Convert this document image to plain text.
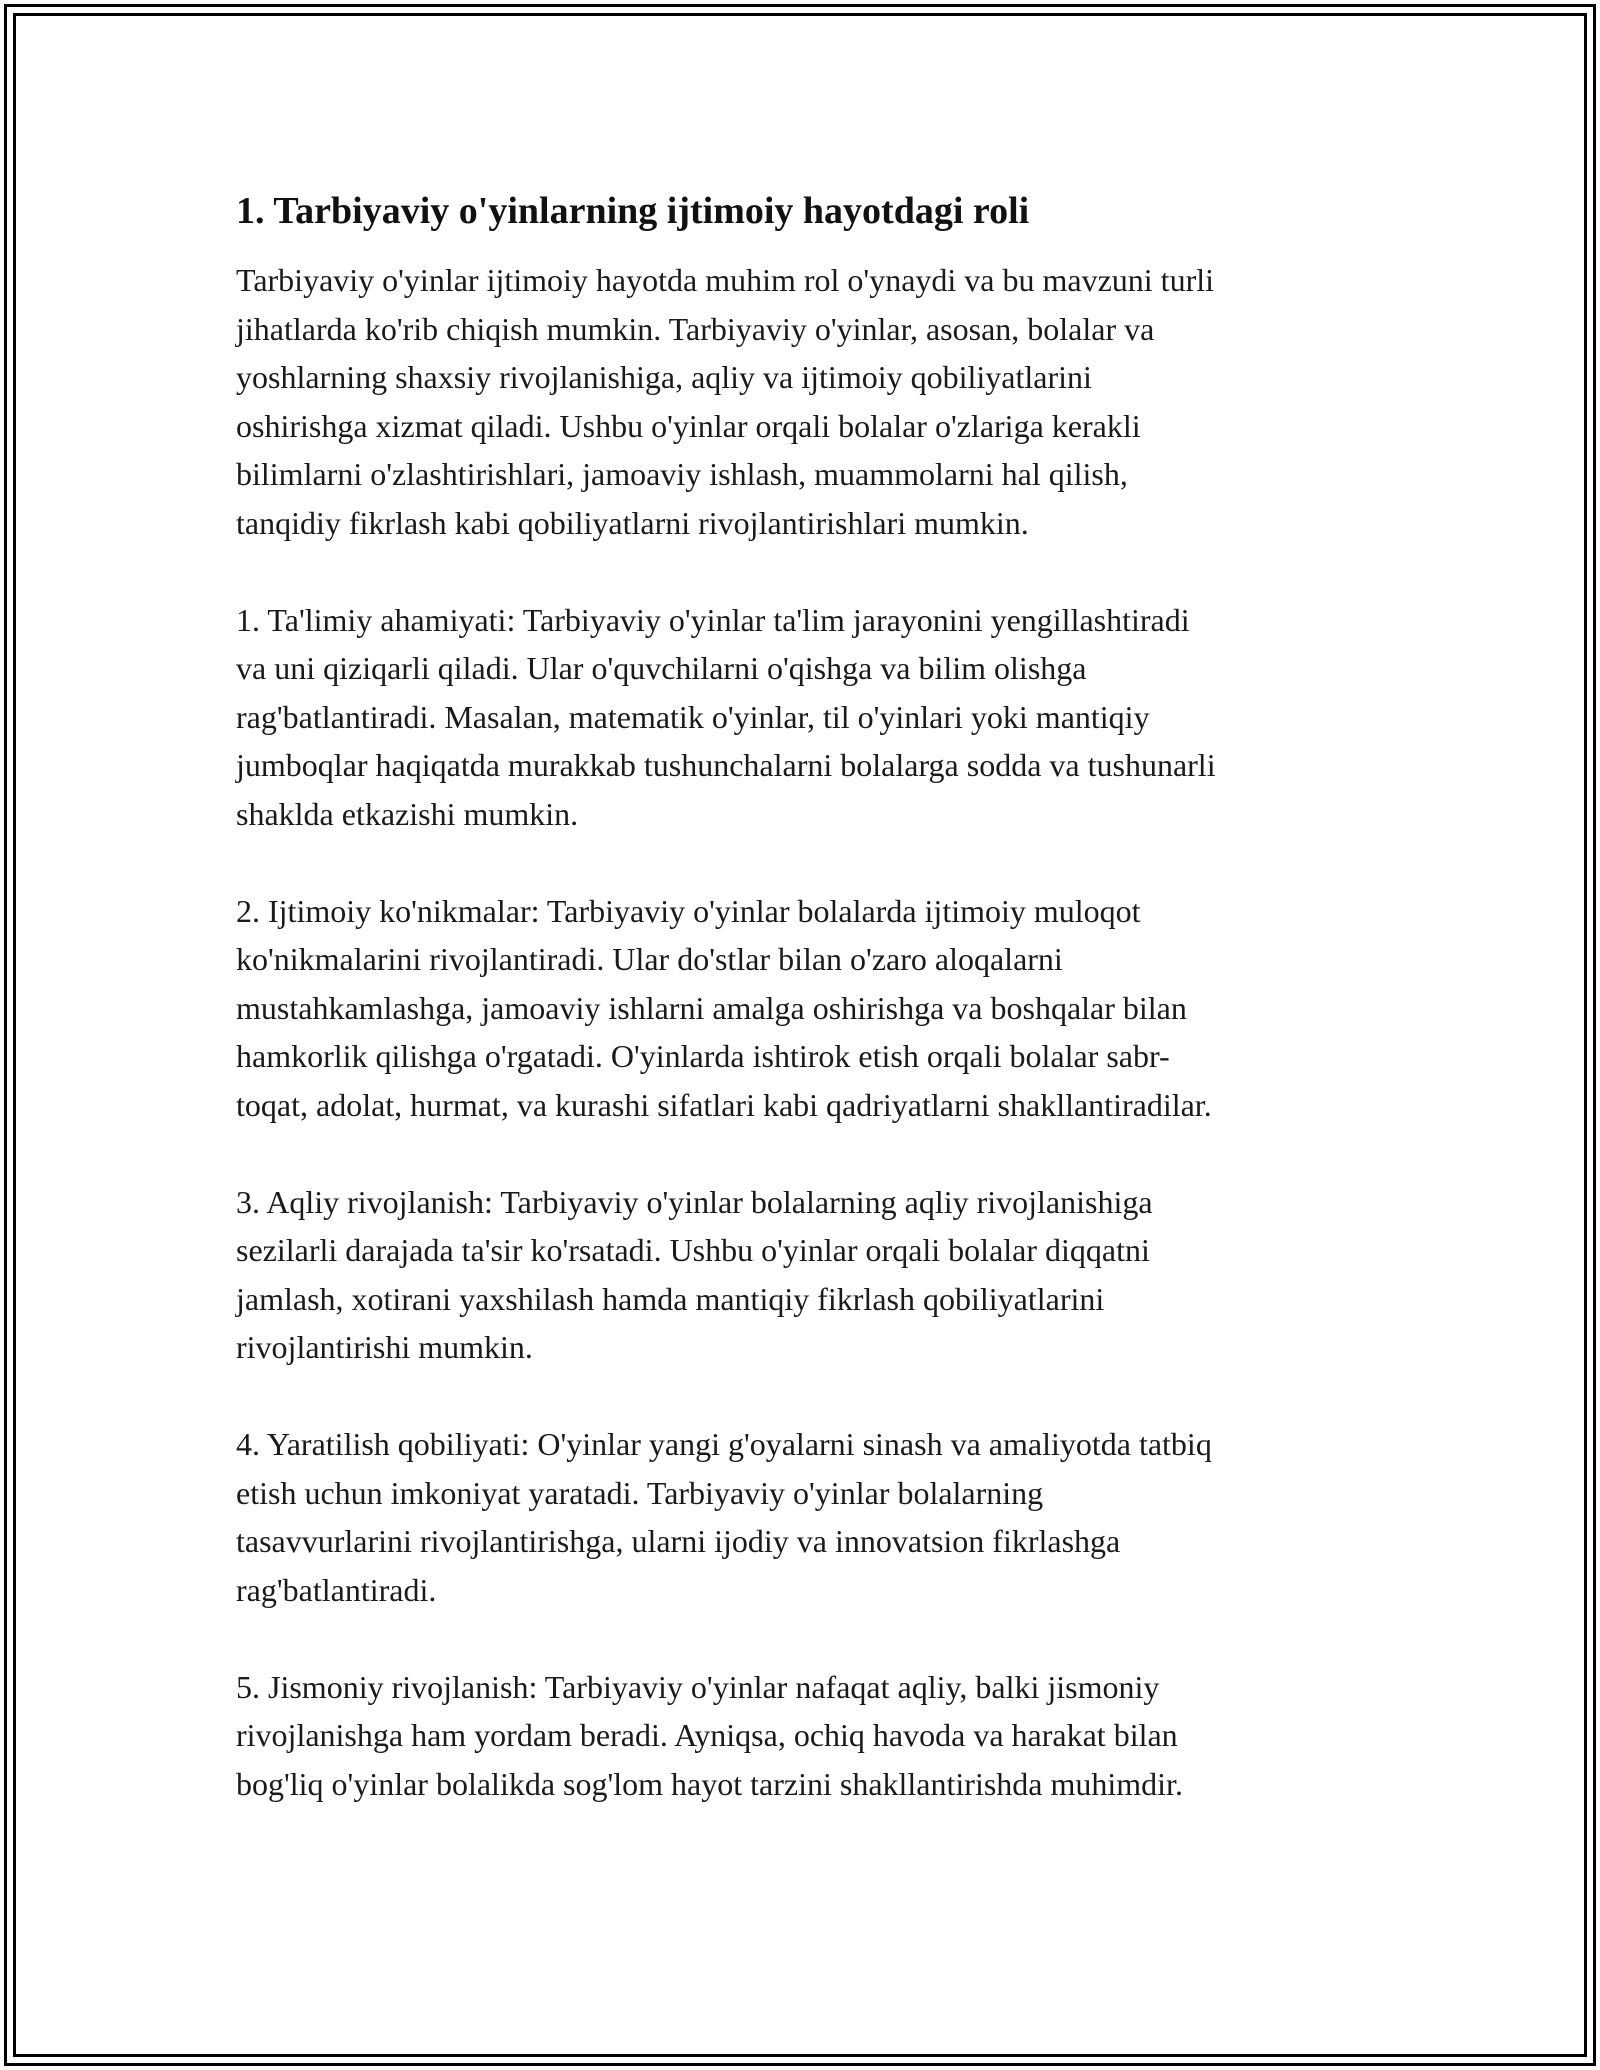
1. Tarbiyaviy o'yinlarning ijtimoiy hayotdagi roli

Tarbiyaviy o'yinlar ijtimoiy hayotda muhim rol o'ynaydi va bu mavzuni turli
jihatlarda ko'rib chiqish mumkin. Tarbiyaviy o'yinlar, asosan, bolalar va
yoshlarning shaxsiy rivojlanishiga, aqliy va ijtimoiy qobiliyatlarini
oshirishga xizmat qiladi. Ushbu o'yinlar orqali bolalar o'zlariga kerakli
bilimlarni o'zlashtirishlari, jamoaviy ishlash, muammolarni hal qilish,
tanqidiy fikrlash kabi qobiliyatlarni rivojlantirishlari mumkin.

1. Ta'limiy ahamiyati: Tarbiyaviy o'yinlar ta'lim jarayonini yengillashtiradi
va uni qiziqarli qiladi. Ular o'quvchilarni o'qishga va bilim olishga
rag'batlantiradi. Masalan, matematik o'yinlar, til o'yinlari yoki mantiqiy
jumboqlar haqiqatda murakkab tushunchalarni bolalarga sodda va tushunarli
shaklda etkazishi mumkin.

2. Ijtimoiy ko'nikmalar: Tarbiyaviy o'yinlar bolalarda ijtimoiy muloqot
ko'nikmalarini rivojlantiradi. Ular do'stlar bilan o'zaro aloqalarni
mustahkamlashga, jamoaviy ishlarni amalga oshirishga va boshqalar bilan
hamkorlik qilishga o'rgatadi. O'yinlarda ishtirok etish orqali bolalar sabr-
toqat, adolat, hurmat, va kurashi sifatlari kabi qadriyatlarni shakllantiradilar.

3. Aqliy rivojlanish: Tarbiyaviy o'yinlar bolalarning aqliy rivojlanishiga
sezilarli darajada ta'sir ko'rsatadi. Ushbu o'yinlar orqali bolalar diqqatni
jamlash, xotirani yaxshilash hamda mantiqiy fikrlash qobiliyatlarini
rivojlantirishi mumkin.

4. Yaratilish qobiliyati: O'yinlar yangi g'oyalarni sinash va amaliyotda tatbiq
etish uchun imkoniyat yaratadi. Tarbiyaviy o'yinlar bolalarning
tasavvurlarini rivojlantirishga, ularni ijodiy va innovatsion fikrlashga
rag'batlantiradi.

5. Jismoniy rivojlanish: Tarbiyaviy o'yinlar nafaqat aqliy, balki jismoniy
rivojlanishga ham yordam beradi. Ayniqsa, ochiq havoda va harakat bilan
bog'liq o'yinlar bolalikda sog'lom hayot tarzini shakllantirishda muhimdir.
